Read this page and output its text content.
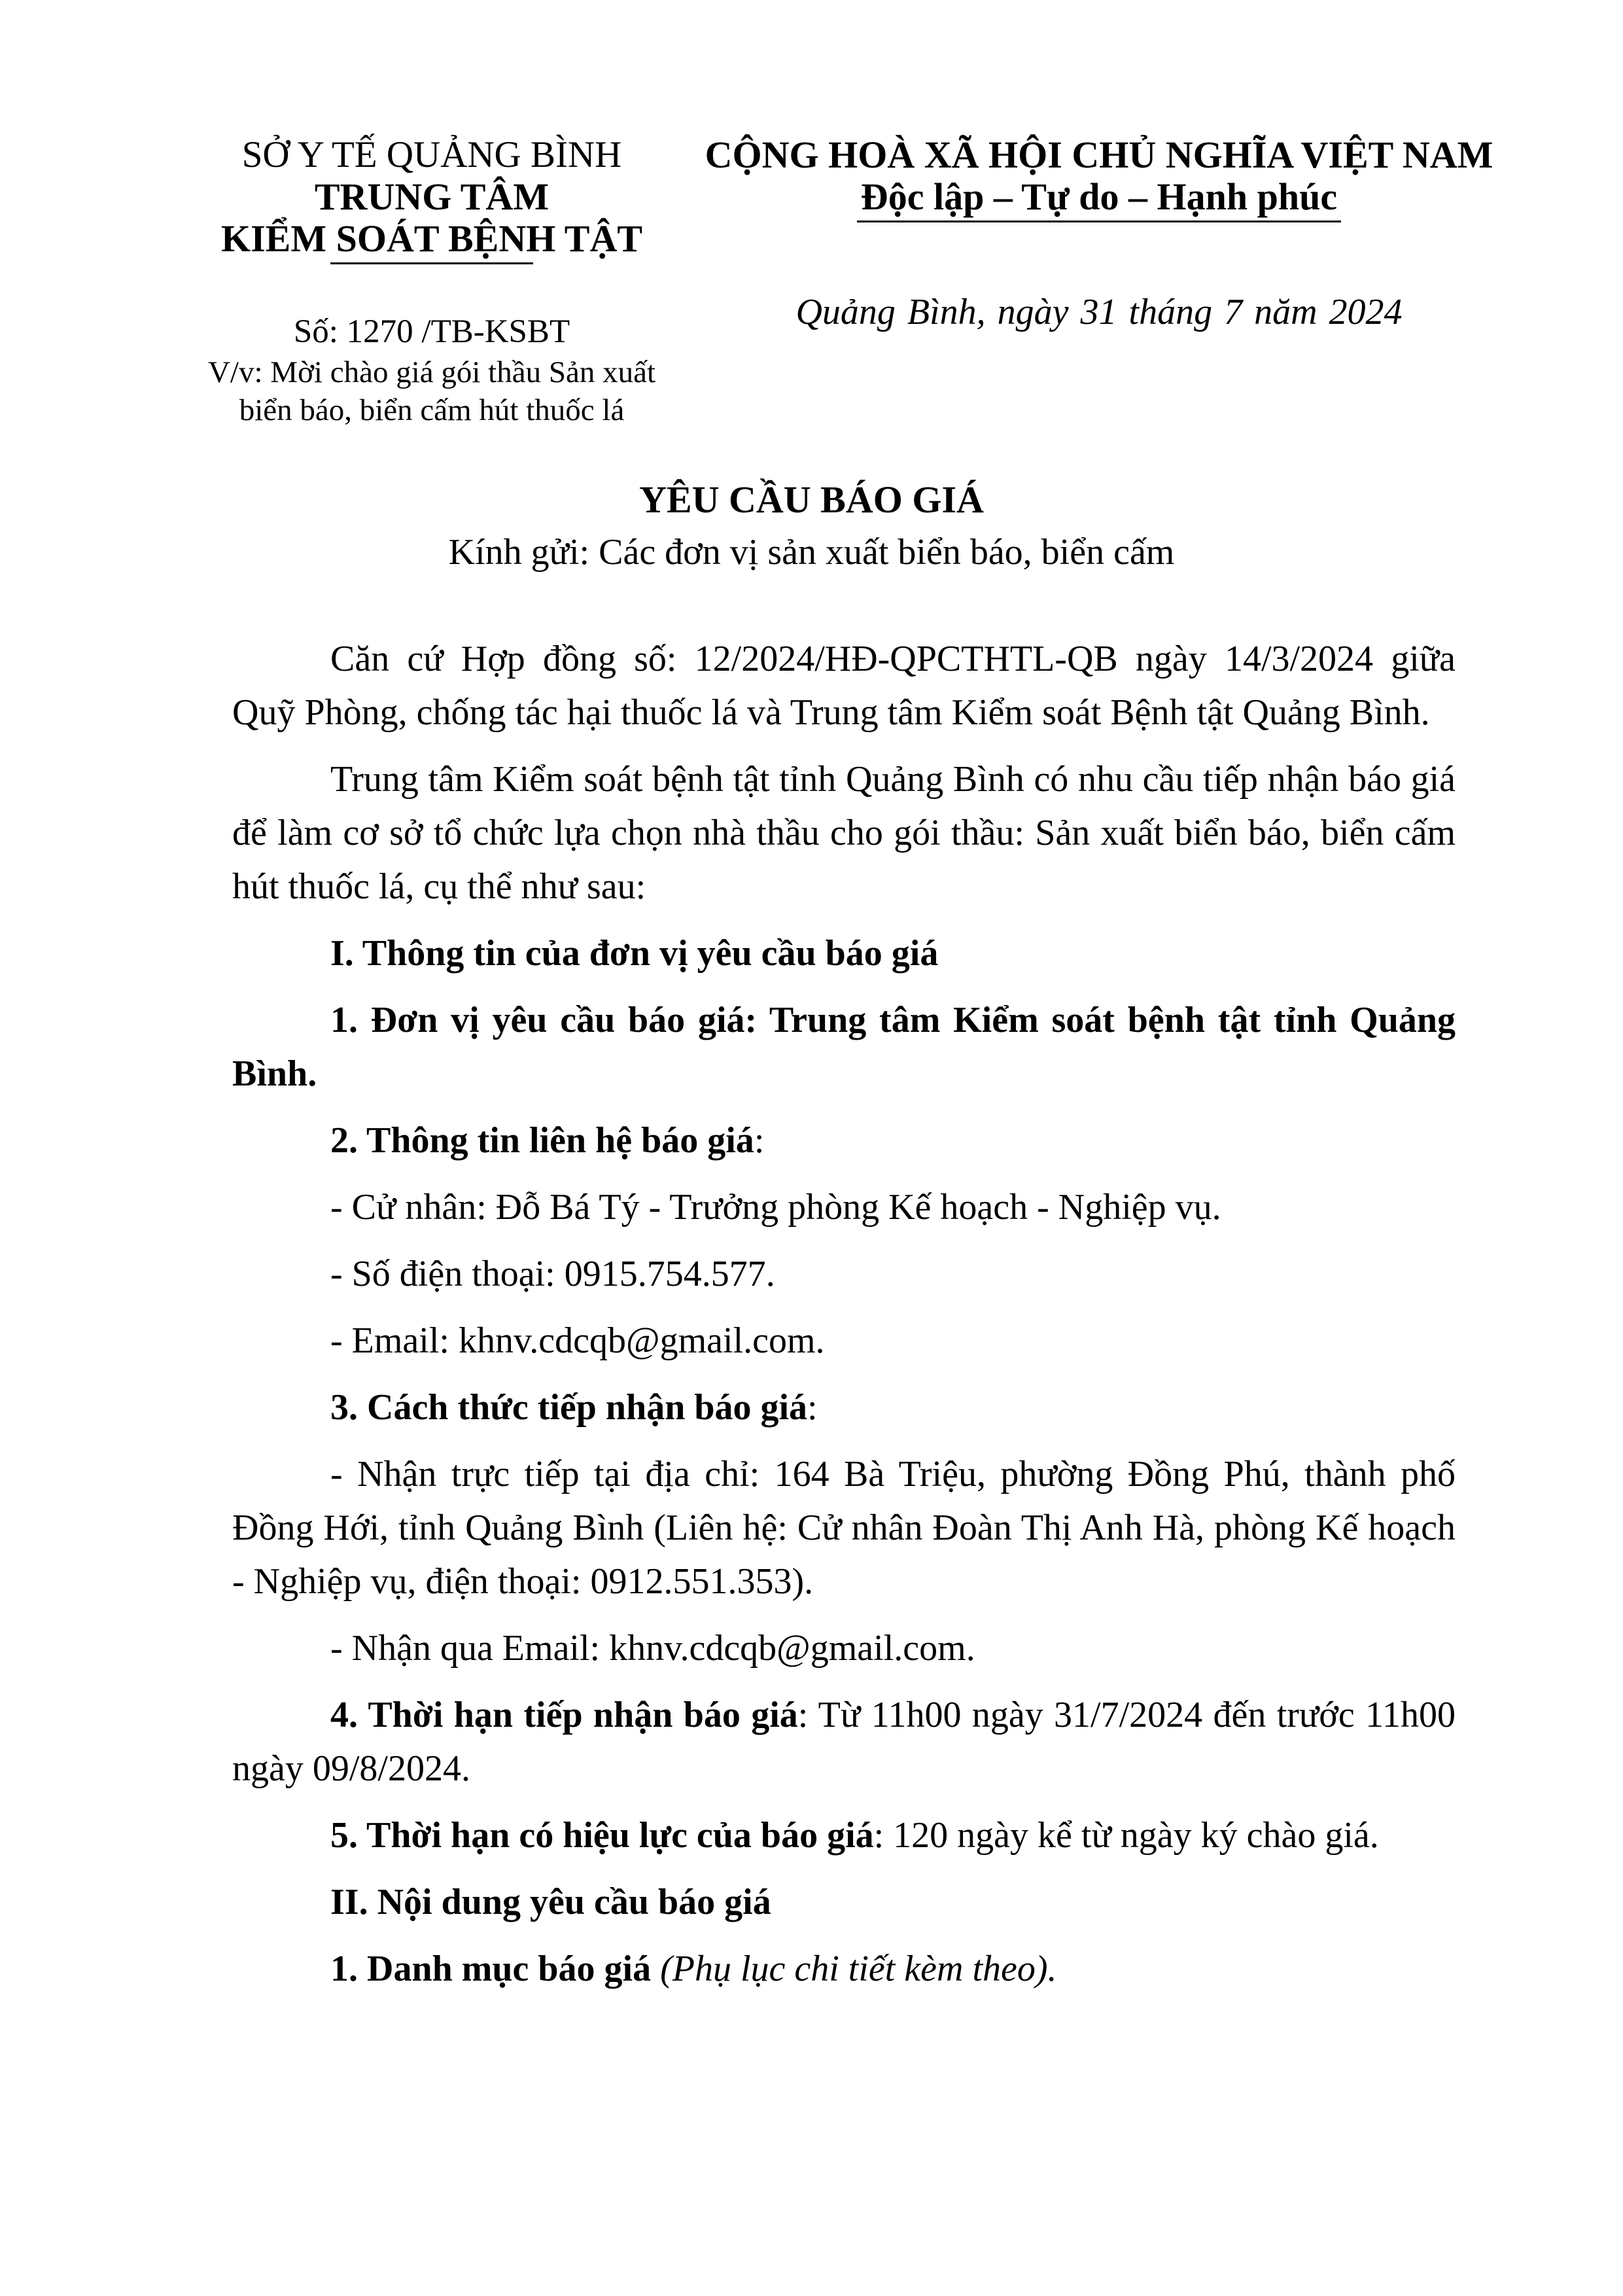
SỞ Y TẾ QUẢNG BÌNH
TRUNG TÂM
KIỂM SOÁT BỆNH TẬT
Số: 1270 /TB-KSBT
V/v: Mời chào giá gói thầu Sản xuất
biển báo, biển cấm hút thuốc lá
CỘNG HOÀ XÃ HỘI CHỦ NGHĨA VIỆT NAM
Độc lập – Tự do – Hạnh phúc
Quảng Bình, ngày 31 tháng 7 năm 2024
YÊU CẦU BÁO GIÁ
Kính gửi: Các đơn vị sản xuất biển báo, biển cấm

Căn cứ Hợp đồng số: 12/2024/HĐ-QPCTHTL-QB ngày 14/3/2024 giữa Quỹ Phòng, chống tác hại thuốc lá và Trung tâm Kiểm soát Bệnh tật Quảng Bình.

Trung tâm Kiểm soát bệnh tật tỉnh Quảng Bình có nhu cầu tiếp nhận báo giá để làm cơ sở tổ chức lựa chọn nhà thầu cho gói thầu: Sản xuất biển báo, biển cấm hút thuốc lá, cụ thể như sau:

I. Thông tin của đơn vị yêu cầu báo giá

1. Đơn vị yêu cầu báo giá: Trung tâm Kiểm soát bệnh tật tỉnh Quảng Bình.

2. Thông tin liên hệ báo giá:

- Cử nhân: Đỗ Bá Tý - Trưởng phòng Kế hoạch - Nghiệp vụ.

- Số điện thoại: 0915.754.577.

- Email: khnv.cdcqb@gmail.com.

3. Cách thức tiếp nhận báo giá:

- Nhận trực tiếp tại địa chỉ: 164 Bà Triệu, phường Đồng Phú, thành phố Đồng Hới, tỉnh Quảng Bình (Liên hệ: Cử nhân Đoàn Thị Anh Hà, phòng Kế hoạch - Nghiệp vụ, điện thoại: 0912.551.353).

- Nhận qua Email: khnv.cdcqb@gmail.com.

4. Thời hạn tiếp nhận báo giá: Từ 11h00 ngày 31/7/2024 đến trước 11h00 ngày 09/8/2024.

5. Thời hạn có hiệu lực của báo giá: 120 ngày kể từ ngày ký chào giá.

II. Nội dung yêu cầu báo giá

1. Danh mục báo giá (Phụ lục chi tiết kèm theo).
